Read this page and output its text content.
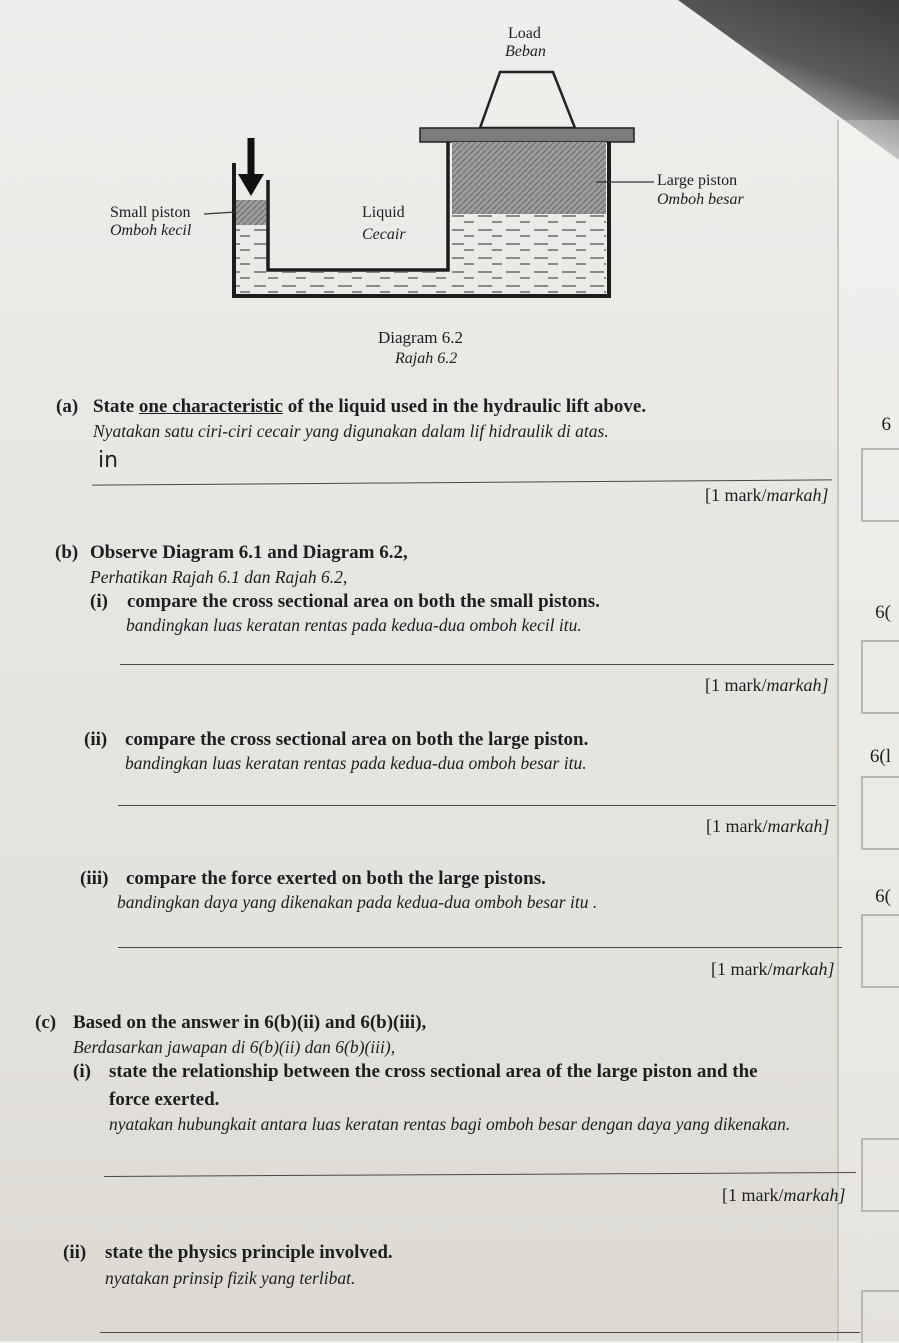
Load
Beban
Large piston
Omboh besar
Small piston
Omboh kecil
Liquid
Cecair
Diagram 6.2
Rajah 6.2
(a) State one characteristic of the liquid used in the hydraulic lift above.
Nyatakan satu ciri-ciri cecair yang digunakan dalam lif hidraulik di atas.
in
[1 mark/markah]
6
(b) Observe Diagram 6.1 and Diagram 6.2,
Perhatikan Rajah 6.1 dan Rajah 6.2,
(i) compare the cross sectional area on both the small pistons.
bandingkan luas keratan rentas pada kedua-dua omboh kecil itu.
[1 mark/markah]
6(
(ii) compare the cross sectional area on both the large piston.
bandingkan luas keratan rentas pada kedua-dua omboh besar itu.
[1 mark/markah]
6(l
(iii) compare the force exerted on both the large pistons.
bandingkan daya yang dikenakan pada kedua-dua omboh besar itu .
[1 mark/markah]
6(
(c) Based on the answer in 6(b)(ii) and 6(b)(iii),
Berdasarkan jawapan di 6(b)(ii) dan 6(b)(iii),
(i) state the relationship between the cross sectional area of the large piston and the
force exerted.
nyatakan hubungkait antara luas keratan rentas bagi omboh besar dengan daya yang dikenakan.
[1 mark/markah]
(ii) state the physics principle involved.
nyatakan prinsip fizik yang terlibat.
